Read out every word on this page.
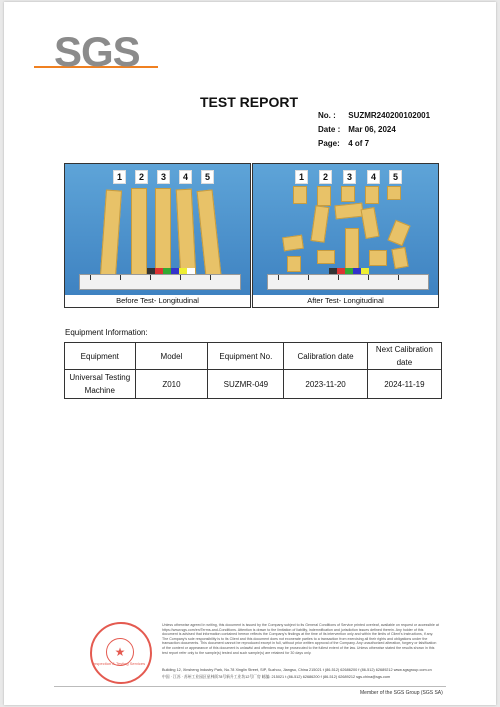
SGS
TEST REPORT
No. : SUZMR240200102001
Date : Mar 06, 2024
Page: 4 of 7
1	2	3	4	5
Before Test- Longitudinal
1	2	3	4	5
After Test- Longitudinal
Equipment Information:
Equipment	Model	Equipment No.	Calibration date	Next Calibration date
Universal Testing Machine	Z010	SUZMR-049	2023-11-20	2024-11-19
★
Inspection & Testing Services

Unless otherwise agreed in writing, this document is issued by the Company subject to its General Conditions of Service printed overleaf, available on request or accessible at https://www.sgs.com/en/Terms-and-Conditions. Attention is drawn to the limitation of liability, indemnification and jurisdiction issues defined therein. Any holder of this document is advised that information contained hereon reflects the Company's findings at the time of its intervention only and within the limits of Client's instructions, if any. The Company's sole responsibility is to its Client and this document does not exonerate parties to a transaction from exercising all their rights and obligations under the transaction documents. This document cannot be reproduced except in full, without prior written approval of the Company. Any unauthorized alteration, forgery or falsification of the content or appearance of this document is unlawful and offenders may be prosecuted to the fullest extent of the law. Unless otherwise stated the results shown in this test report refer only to the sample(s) tested and such sample(s) are retained for 30 days only.

Building 12, Xinsheng Industry Park, No.78 Xinglin Street, SIP, Suzhou, Jiangsu, China 215021 t (86-512) 62686200 f (86-512) 62689212 www.sgsgroup.com.cn
中国 · 江苏 · 苏州工业园区星林街78号新升工业坊12号厂房 邮编: 215021 t (86-512) 62686200 f (86-512) 62689212 sgs.china@sgs.com
Member of the SGS Group (SGS SA)
